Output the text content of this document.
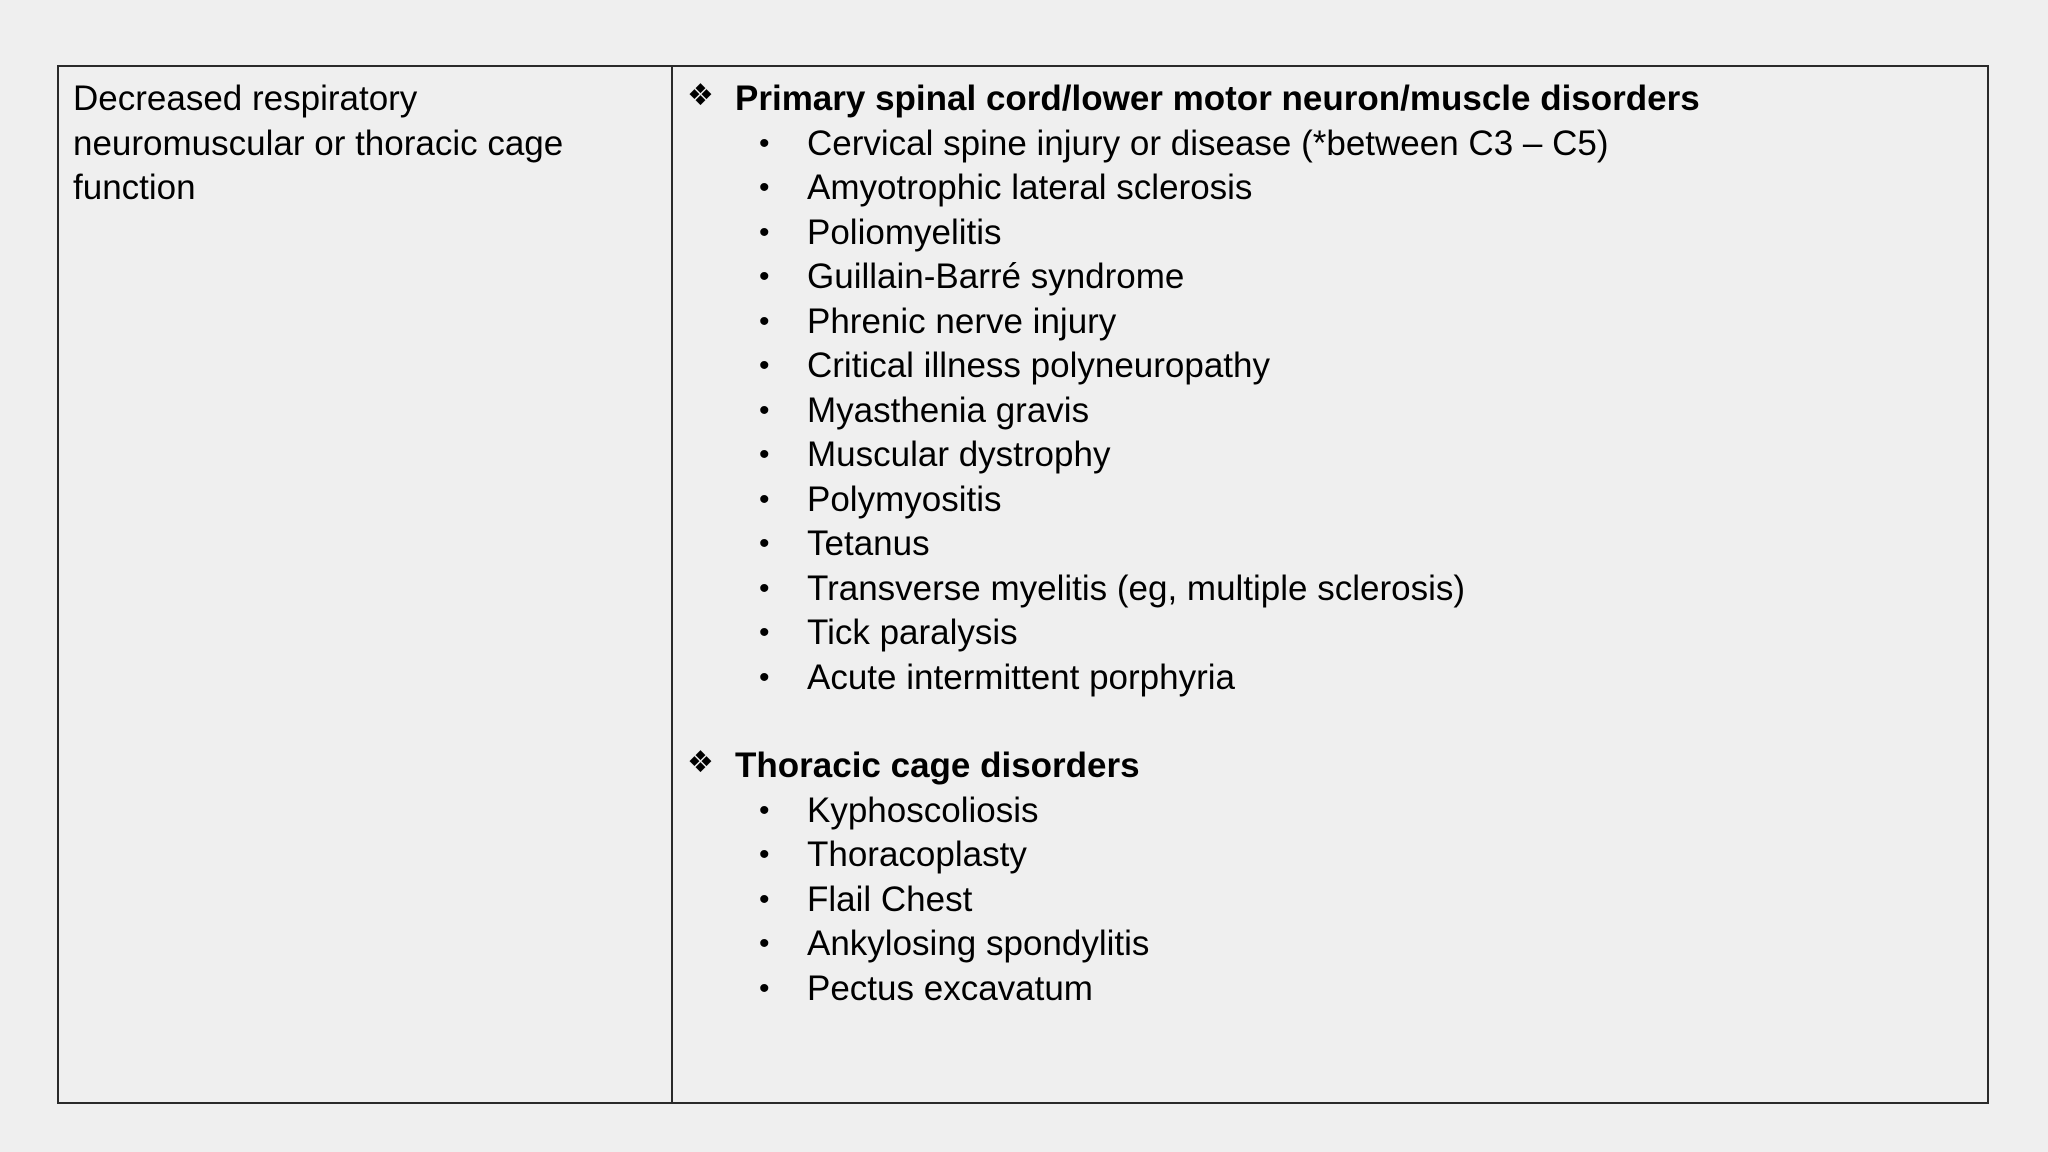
Decreased respiratory
neuromuscular or thoracic cage
function

❖ Primary spinal cord/lower motor neuron/muscle disorders
•	Cervical spine injury or disease (*between C3 – C5)
•	Amyotrophic lateral sclerosis
•	Poliomyelitis
•	Guillain-Barré syndrome
•	Phrenic nerve injury
•	Critical illness polyneuropathy
•	Myasthenia gravis
•	Muscular dystrophy
•	Polymyositis
•	Tetanus
•	Transverse myelitis (eg, multiple sclerosis)
•	Tick paralysis
•	Acute intermittent porphyria
❖ Thoracic cage disorders
•	Kyphoscoliosis
•	Thoracoplasty
•	Flail Chest
•	Ankylosing spondylitis
•	Pectus excavatum
